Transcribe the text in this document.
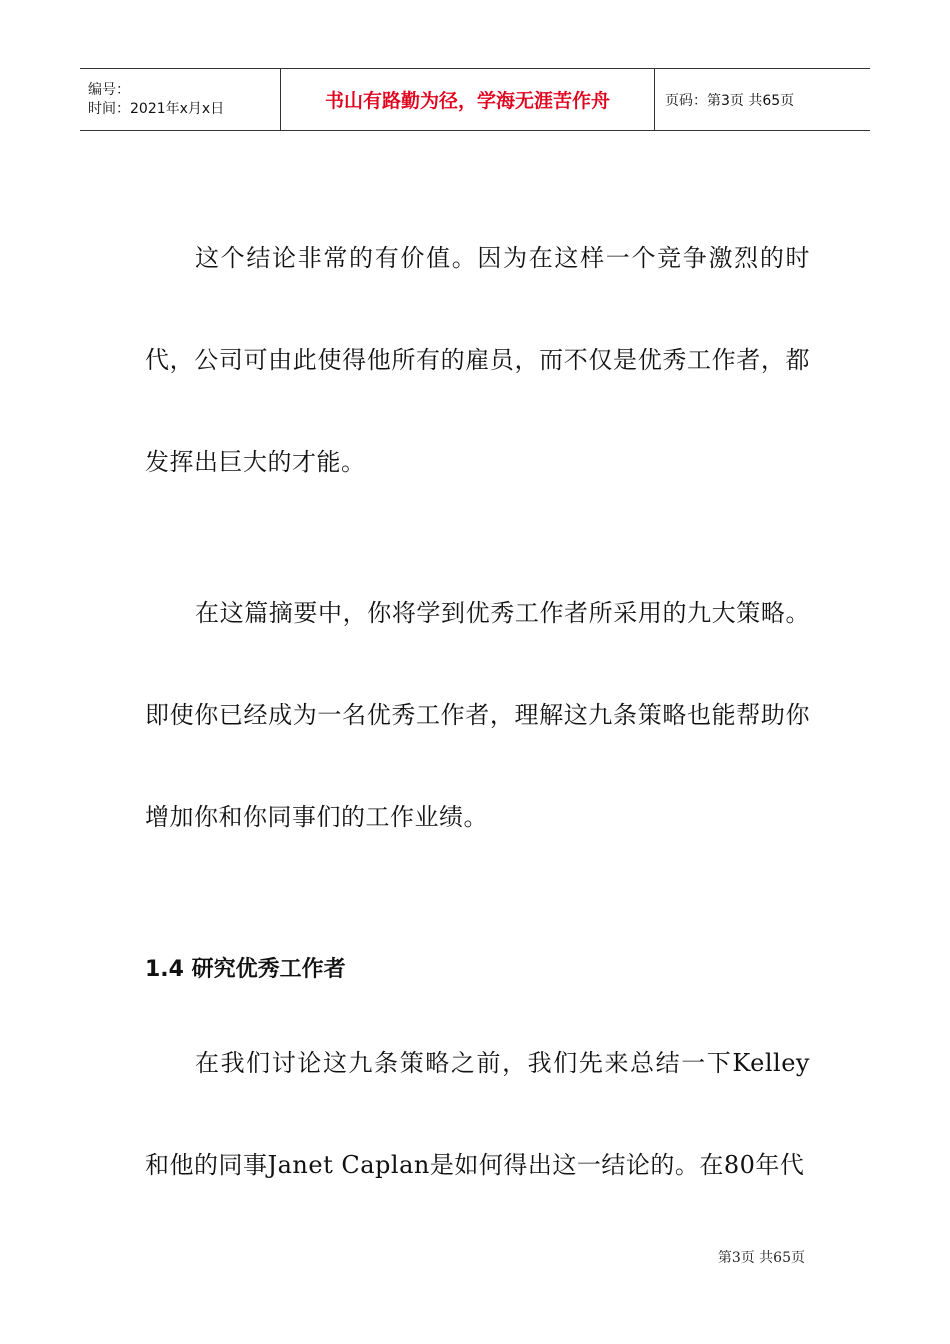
编号：
时间：2021年x月x日	书山有路勤为径，学海无涯苦作舟	页码：第3页 共65页

这个结论非常的有价值。因为在这样一个竞争激烈的时代，公司可由此使得他所有的雇员，而不仅是优秀工作者，都发挥出巨大的才能。

在这篇摘要中，你将学到优秀工作者所采用的九大策略。即使你已经成为一名优秀工作者，理解这九条策略也能帮助你增加你和你同事们的工作业绩。

1.4 研究优秀工作者

在我们讨论这九条策略之前，我们先来总结一下Kelley和他的同事Janet Caplan是如何得出这一结论的。在80年代

第3页 共65页
